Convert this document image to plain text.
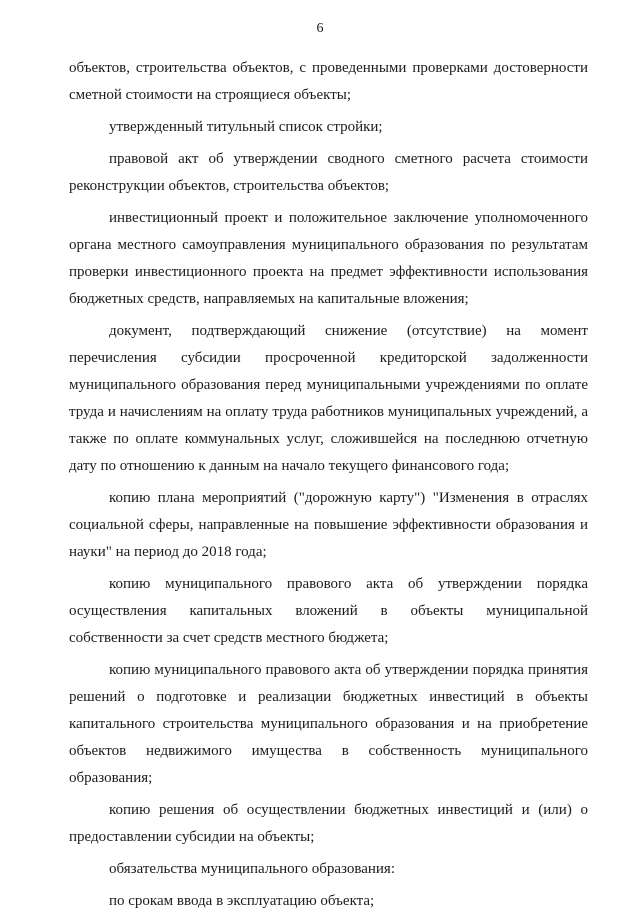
6

объектов, строительства объектов, с проведенными проверками достоверности сметной стоимости на строящиеся объекты;

утвержденный титульный список стройки;

правовой акт об утверждении сводного сметного расчета стоимости реконструкции объектов, строительства объектов;

инвестиционный проект и положительное заключение уполномоченного органа местного самоуправления муниципального образования по результатам проверки инвестиционного проекта на предмет эффективности использования бюджетных средств, направляемых на капитальные вложения;

документ, подтверждающий снижение (отсутствие) на момент перечисления субсидии просроченной кредиторской задолженности муниципального образования перед муниципальными учреждениями по оплате труда и начислениям на оплату труда работников муниципальных учреждений, а также по оплате коммунальных услуг, сложившейся на последнюю отчетную дату по отношению к данным на начало текущего финансового года;

копию плана мероприятий ("дорожную карту") "Изменения в отраслях социальной сферы, направленные на повышение эффективности образования и науки" на период до 2018 года;

копию муниципального правового акта об утверждении порядка осуществления капитальных вложений в объекты муниципальной собственности за счет средств местного бюджета;

копию муниципального правового акта об утверждении порядка принятия решений о подготовке и реализации бюджетных инвестиций в объекты капитального строительства муниципального образования и на приобретение объектов недвижимого имущества в собственность муниципального образования;

копию решения об осуществлении бюджетных инвестиций и (или) о предоставлении субсидии на объекты;

обязательства муниципального образования:

по срокам ввода в эксплуатацию объекта;
